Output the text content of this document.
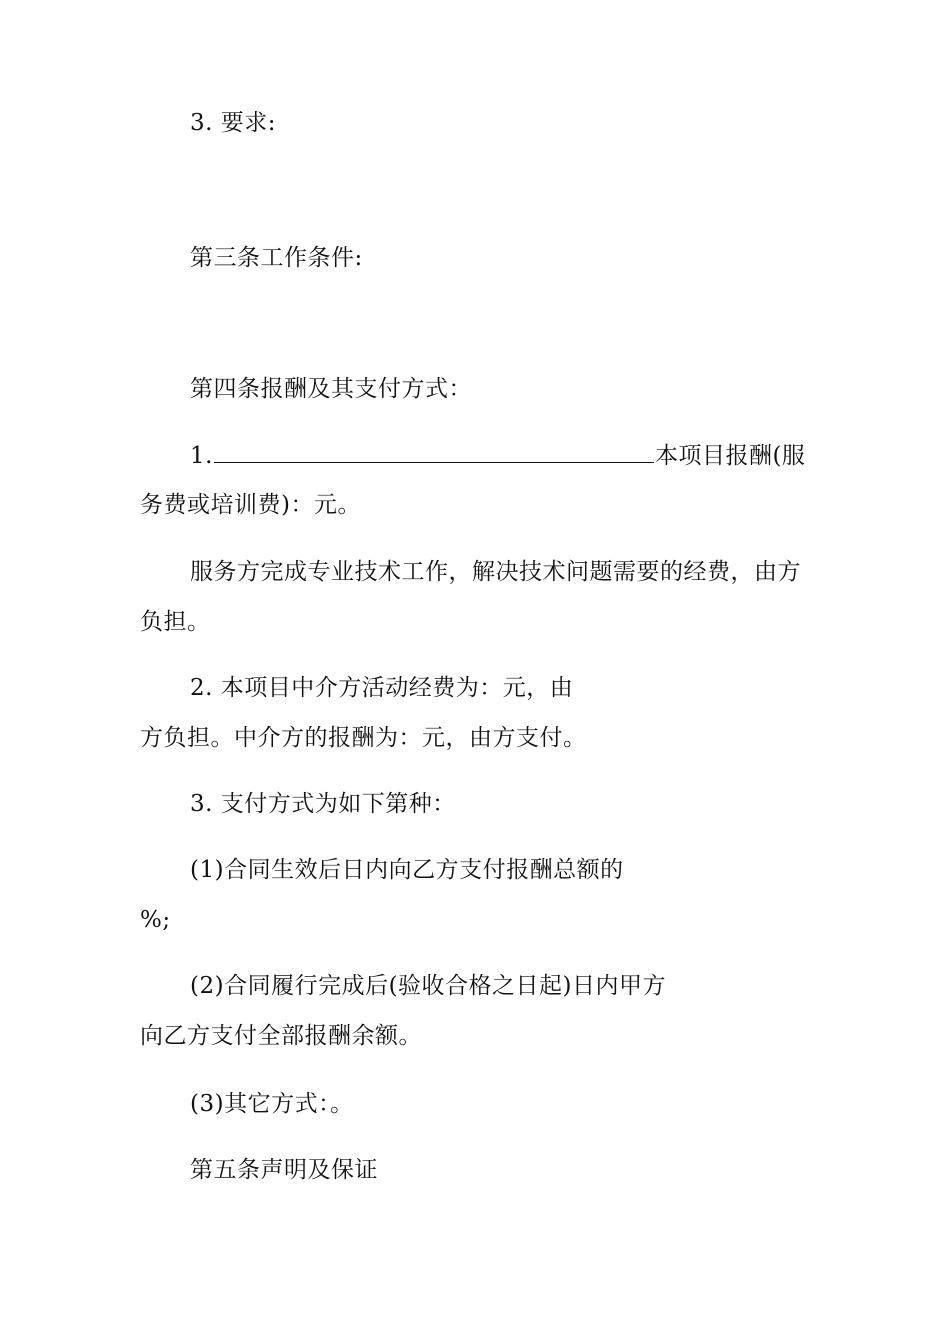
3. 要求:
第三条工作条件:
第四条报酬及其支付方式：
1.	本项目报酬(服
务费或培训费)：元。
服务方完成专业技术工作，解决技术问题需要的经费，由方
负担。
2. 本项目中介方活动经费为：元，由
方负担。中介方的报酬为：元，由方支付。
3. 支付方式为如下第种：
(1)合同生效后日内向乙方支付报酬总额的
%;
(2)合同履行完成后(验收合格之日起)日内甲方
向乙方支付全部报酬余额。
(3)其它方式：。
第五条声明及保证
